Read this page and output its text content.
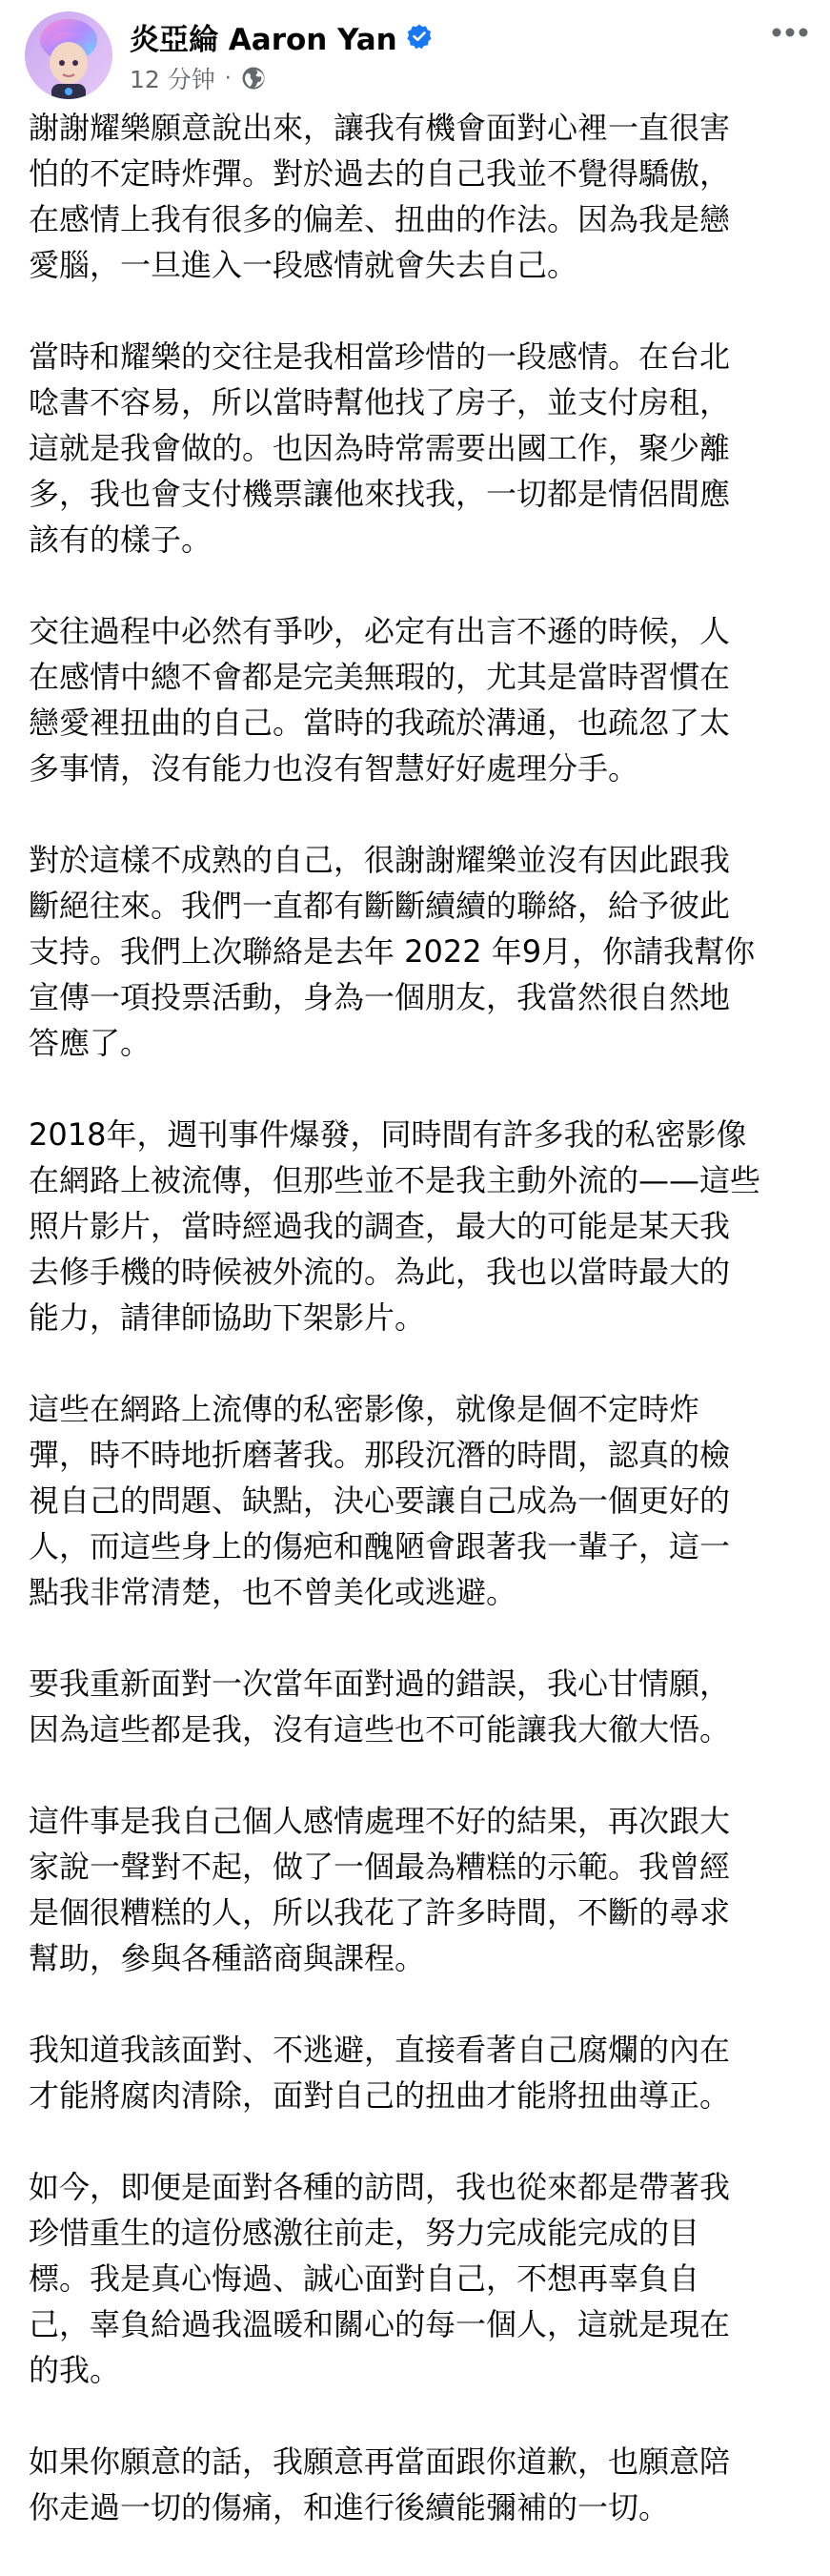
炎亞綸 Aaron Yan
12 分钟 ·

謝謝耀樂願意說出來，讓我有機會面對心裡一直很害
怕的不定時炸彈。對於過去的自己我並不覺得驕傲，
在感情上我有很多的偏差、扭曲的作法。因為我是戀
愛腦，一旦進入一段感情就會失去自己。

當時和耀樂的交往是我相當珍惜的一段感情。在台北
唸書不容易，所以當時幫他找了房子，並支付房租，
這就是我會做的。也因為時常需要出國工作，聚少離
多，我也會支付機票讓他來找我，一切都是情侶間應
該有的樣子。

交往過程中必然有爭吵，必定有出言不遜的時候，人
在感情中總不會都是完美無瑕的，尤其是當時習慣在
戀愛裡扭曲的自己。當時的我疏於溝通，也疏忽了太
多事情，沒有能力也沒有智慧好好處理分手。

對於這樣不成熟的自己，很謝謝耀樂並沒有因此跟我
斷絕往來。我們一直都有斷斷續續的聯絡，給予彼此
支持。我們上次聯絡是去年 2022 年9月，你請我幫你
宣傳一項投票活動，身為一個朋友，我當然很自然地
答應了。

2018年，週刊事件爆發，同時間有許多我的私密影像
在網路上被流傳，但那些並不是我主動外流的——這些
照片影片，當時經過我的調查，最大的可能是某天我
去修手機的時候被外流的。為此，我也以當時最大的
能力，請律師協助下架影片。

這些在網路上流傳的私密影像，就像是個不定時炸
彈，時不時地折磨著我。那段沉潛的時間，認真的檢
視自己的問題、缺點，決心要讓自己成為一個更好的
人，而這些身上的傷疤和醜陋會跟著我一輩子，這一
點我非常清楚，也不曾美化或逃避。

要我重新面對一次當年面對過的錯誤，我心甘情願，
因為這些都是我，沒有這些也不可能讓我大徹大悟。

這件事是我自己個人感情處理不好的結果，再次跟大
家說一聲對不起，做了一個最為糟糕的示範。我曾經
是個很糟糕的人，所以我花了許多時間，不斷的尋求
幫助，參與各種諮商與課程。

我知道我該面對、不逃避，直接看著自己腐爛的內在
才能將腐肉清除，面對自己的扭曲才能將扭曲導正。

如今，即便是面對各種的訪問，我也從來都是帶著我
珍惜重生的這份感激往前走，努力完成能完成的目
標。我是真心悔過、誠心面對自己，不想再辜負自
己，辜負給過我溫暖和關心的每一個人，這就是現在
的我。

如果你願意的話，我願意再當面跟你道歉，也願意陪
你走過一切的傷痛，和進行後續能彌補的一切。
